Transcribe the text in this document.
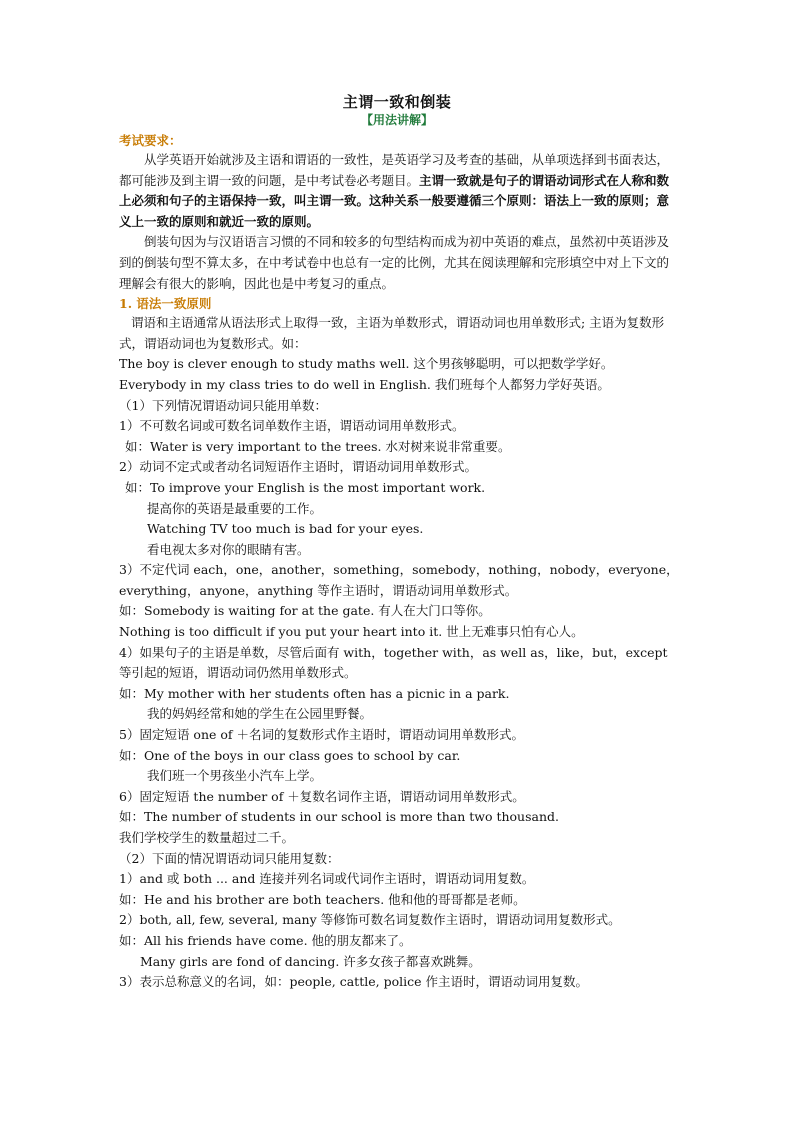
主谓一致和倒装
【用法讲解】
考试要求：

从学英语开始就涉及主语和谓语的一致性，是英语学习及考查的基础，从单项选择到书面表达，都可能涉及到主谓一致的问题，是中考试卷必考题目。主谓一致就是句子的谓语动词形式在人称和数上必须和句子的主语保持一致，叫主谓一致。这种关系一般要遵循三个原则：语法上一致的原则；意义上一致的原则和就近一致的原则。

倒装句因为与汉语语言习惯的不同和较多的句型结构而成为初中英语的难点，虽然初中英语涉及到的倒装句型不算太多，在中考试卷中也总有一定的比例，尤其在阅读理解和完形填空中对上下文的理解会有很大的影响，因此也是中考复习的重点。

1. 语法一致原则

谓语和主语通常从语法形式上取得一致，主语为单数形式，谓语动词也用单数形式; 主语为复数形式，谓语动词也为复数形式。如：

The boy is clever enough to study maths well. 这个男孩够聪明，可以把数学学好。

Everybody in my class tries to do well in English. 我们班每个人都努力学好英语。

（1）下列情况谓语动词只能用单数：

1）不可数名词或可数名词单数作主语，谓语动词用单数形式。

如：Water is very important to the trees. 水对树来说非常重要。

2）动词不定式或者动名词短语作主语时，谓语动词用单数形式。

如：To improve your English is the most important work.

提高你的英语是最重要的工作。

Watching TV too much is bad for your eyes.

看电视太多对你的眼睛有害。

3）不定代词 each，one，another，something，somebody，nothing，nobody，everyone，

everything，anyone，anything 等作主语时，谓语动词用单数形式。

如：Somebody is waiting for at the gate. 有人在大门口等你。

Nothing is too difficult if you put your heart into it. 世上无难事只怕有心人。

4）如果句子的主语是单数，尽管后面有 with，together with，as well as，like，but，except

等引起的短语，谓语动词仍然用单数形式。

如：My mother with her students often has a picnic in a park.

我的妈妈经常和她的学生在公园里野餐。

5）固定短语 one of ＋名词的复数形式作主语时，谓语动词用单数形式。

如：One of the boys in our class goes to school by car.

我们班一个男孩坐小汽车上学。

6）固定短语 the number of ＋复数名词作主语，谓语动词用单数形式。

如：The number of students in our school is more than two thousand.

我们学校学生的数量超过二千。

（2）下面的情况谓语动词只能用复数：

1）and 或 both ... and 连接并列名词或代词作主语时，谓语动词用复数。

如：He and his brother are both teachers. 他和他的哥哥都是老师。

2）both, all, few, several, many 等修饰可数名词复数作主语时，谓语动词用复数形式。

如：All his friends have come. 他的朋友都来了。

Many girls are fond of dancing. 许多女孩子都喜欢跳舞。

3）表示总称意义的名词，如：people, cattle, police 作主语时，谓语动词用复数。
